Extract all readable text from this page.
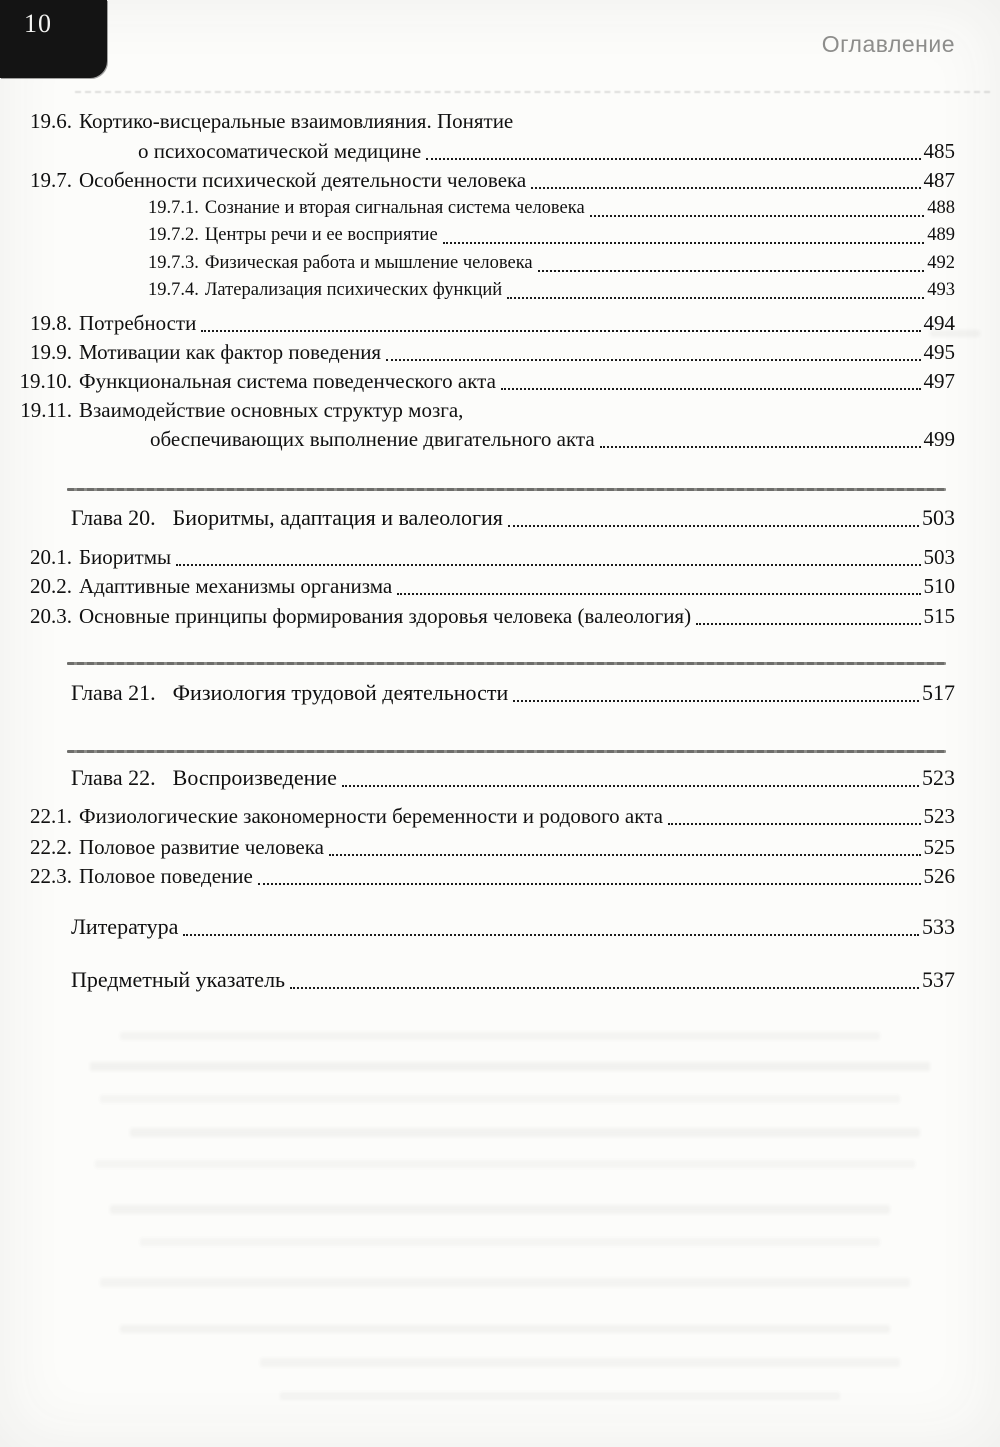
10
Оглавление
19.6. Кортико-висцеральные взаимовлияния. Понятие
о психосоматической медицине	485
19.7. Особенности психической деятельности человека	487
19.7.1. Сознание и вторая сигнальная система человека	488
19.7.2. Центры речи и ее восприятие	489
19.7.3. Физическая работа и мышление человека	492
19.7.4. Латерализация психических функций	493
19.8. Потребности	494
19.9. Мотивации как фактор поведения	495
19.10. Функциональная система поведенческого акта	497
19.11. Взаимодействие основных структур мозга,
обеспечивающих выполнение двигательного акта	499
Глава 20. Биоритмы, адаптация и валеология	503
20.1. Биоритмы	503
20.2. Адаптивные механизмы организма	510
20.3. Основные принципы формирования здоровья человека (валеология)	515
Глава 21. Физиология трудовой деятельности	517
Глава 22. Воспроизведение	523
22.1. Физиологические закономерности беременности и родового акта	523
22.2. Половое развитие человека	525
22.3. Половое поведение	526
Литература	533
Предметный указатель	537
